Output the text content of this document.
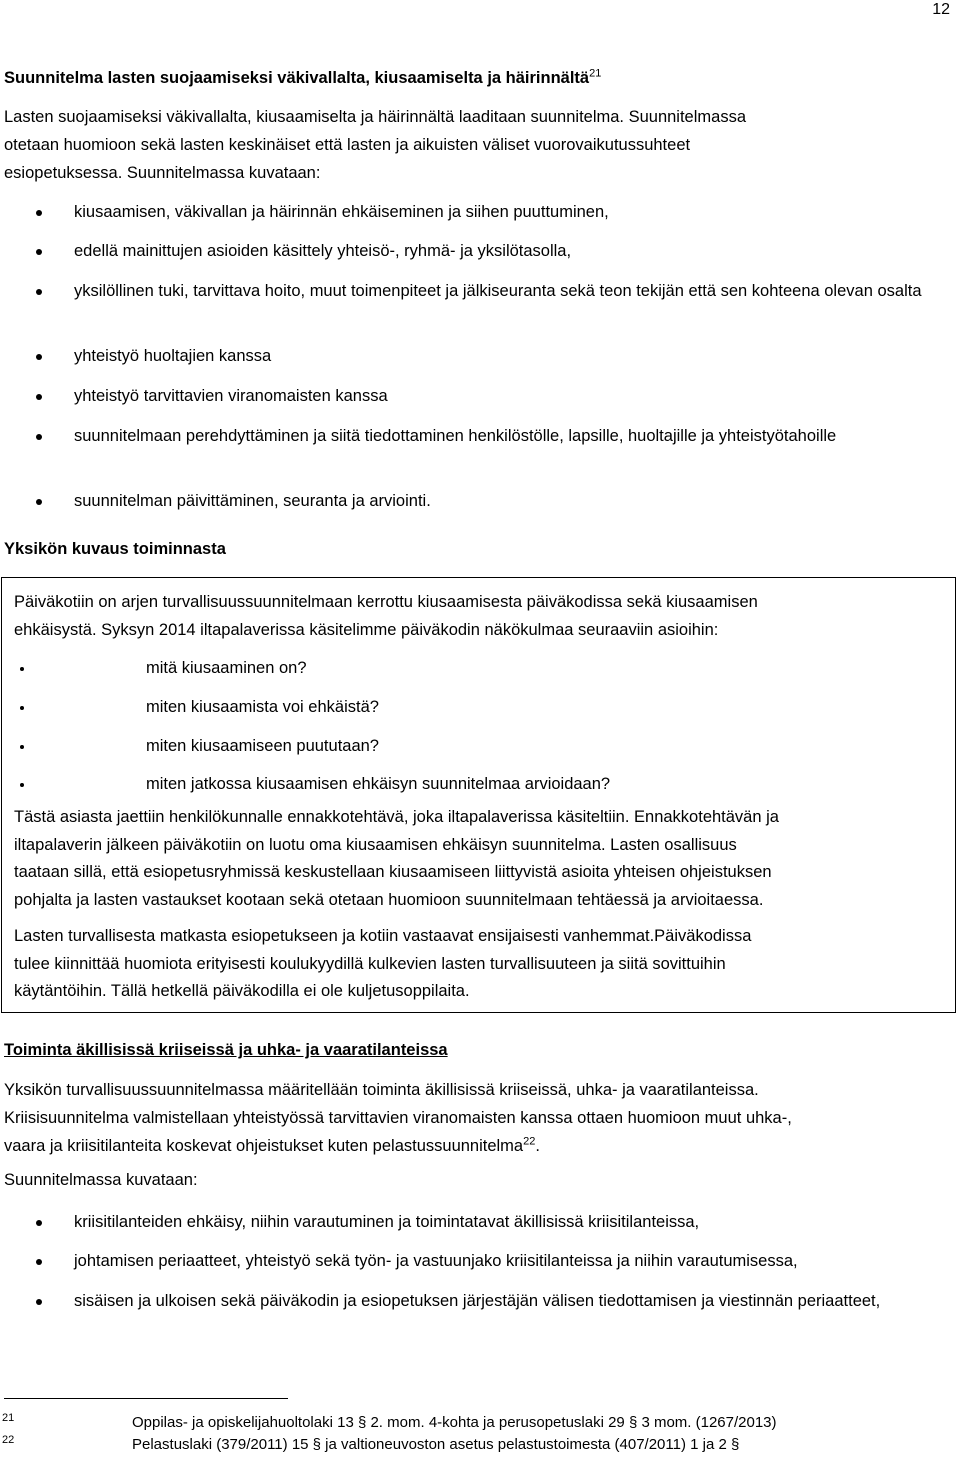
12
Suunnitelma lasten suojaamiseksi väkivallalta, kiusaamiselta ja häirinnältä$^{21}$
Lasten suojaamiseksi väkivallalta, kiusaamiselta ja häirinnältä laaditaan suunnitelma. Suunnitelmassa
otetaan huomioon sekä lasten keskinäiset että lasten ja aikuisten väliset vuorovaikutussuhteet
esiopetuksessa. Suunnitelmassa kuvataan:
kiusaamisen, väkivallan ja häirinnän ehkäiseminen ja siihen puuttuminen,
edellä mainittujen asioiden käsittely yhteisö-, ryhmä- ja yksilötasolla,
yksilöllinen tuki, tarvittava hoito, muut toimenpiteet ja jälkiseuranta sekä teon tekijän että sen kohteena olevan osalta
yhteistyö huoltajien kanssa
yhteistyö tarvittavien viranomaisten kanssa
suunnitelmaan perehdyttäminen ja siitä tiedottaminen henkilöstölle, lapsille, huoltajille ja yhteistyötahoille
suunnitelman päivittäminen, seuranta ja arviointi.
Yksikön kuvaus toiminnasta
Päiväkotiin on arjen turvallisuussuunnitelmaan kerrottu kiusaamisesta päiväkodissa sekä kiusaamisen
ehkäisystä. Syksyn 2014 iltapalaverissa käsitelimme päiväkodin näkökulmaa seuraaviin asioihin:
mitä kiusaaminen on?
miten kiusaamista voi ehkäistä?
miten kiusaamiseen puututaan?
miten jatkossa kiusaamisen ehkäisyn suunnitelmaa arvioidaan?
Tästä asiasta jaettiin henkilökunnalle ennakkotehtävä, joka iltapalaverissa käsiteltiin. Ennakkotehtävän ja
iltapalaverin jälkeen päiväkotiin on luotu oma kiusaamisen ehkäisyn suunnitelma. Lasten osallisuus
taataan sillä, että esiopetusryhmissä keskustellaan kiusaamiseen liittyvistä asioita yhteisen ohjeistuksen
pohjalta ja lasten vastaukset kootaan sekä otetaan huomioon suunnitelmaan tehtäessä ja arvioitaessa.
Lasten turvallisesta matkasta esiopetukseen ja kotiin vastaavat ensijaisesti vanhemmat.Päiväkodissa
tulee kiinnittää huomiota erityisesti koulukyydillä kulkevien lasten turvallisuuteen ja siitä sovittuihin
käytäntöihin. Tällä hetkellä päiväkodilla ei ole kuljetusoppilaita.
Toiminta äkillisissä kriiseissä ja uhka- ja vaaratilanteissa
Yksikön turvallisuussuunnitelmassa määritellään toiminta äkillisissä kriiseissä, uhka- ja vaaratilanteissa.
Kriisisuunnitelma valmistellaan yhteistyössä tarvittavien viranomaisten kanssa ottaen huomioon muut uhka-,
vaara ja kriisitilanteita koskevat ohjeistukset kuten pelastussuunnitelma$^{22}$.
Suunnitelmassa kuvataan:
kriisitilanteiden ehkäisy, niihin varautuminen ja toimintatavat äkillisissä kriisitilanteissa,
johtamisen periaatteet, yhteistyö sekä työn- ja vastuunjako kriisitilanteissa ja niihin varautumisessa,
sisäisen ja ulkoisen sekä päiväkodin ja esiopetuksen järjestäjän välisen tiedottamisen ja viestinnän periaatteet,
21	Oppilas- ja opiskelijahuoltolaki 13 § 2. mom. 4-kohta ja perusopetuslaki 29 § 3 mom. (1267/2013)
22	Pelastuslaki (379/2011) 15 § ja valtioneuvoston asetus pelastustoimesta (407/2011) 1 ja 2 §
